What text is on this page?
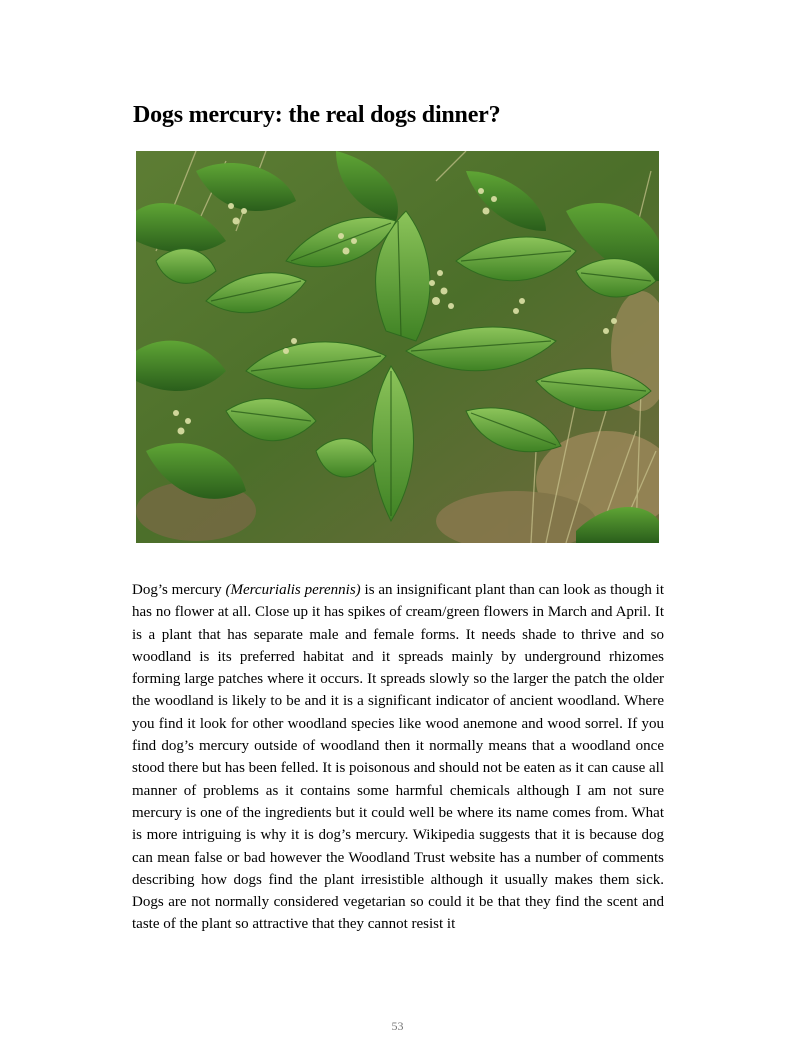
Dogs mercury: the real dogs dinner?

Dog’s mercury (Mercurialis perennis) is an insignificant plant than can look as though it has no flower at all. Close up it has spikes of cream/green flowers in March and April. It is a plant that has separate male and female forms. It needs shade to thrive and so woodland is its preferred habitat and it spreads mainly by underground rhizomes forming large patches where it occurs. It spreads slowly so the larger the patch the older the woodland is likely to be and it is a significant indicator of ancient woodland. Where you find it look for other woodland species like wood anemone and wood sorrel. If you find dog’s mercury outside of woodland then it normally means that a woodland once stood there but has been felled. It is poisonous and should not be eaten as it can cause all manner of problems as it contains some harmful chemicals although I am not sure mercury is one of the ingredients but it could well be where its name comes from. What is more intriguing is why it is dog’s mercury. Wikipedia suggests that it is because dog can mean false or bad however the Woodland Trust website has a number of comments describing how dogs find the plant irresistible although it usually makes them sick. Dogs are not normally considered vegetarian so could it be that they find the scent and taste of the plant so attractive that they cannot resist it

53
